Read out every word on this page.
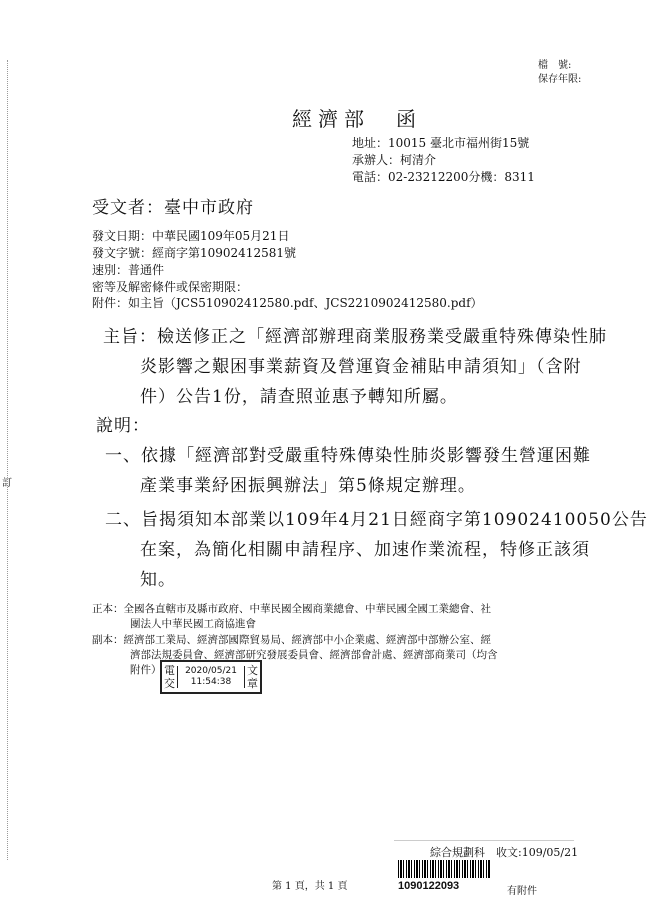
訂
檔　號:
保存年限:
經濟部　函
地址：10015 臺北市福州街15號
承辦人：柯清介
電話：02-23212200分機：8311
受文者：臺中市政府
發文日期：中華民國109年05月21日
發文字號：經商字第10902412581號
速別：普通件
密等及解密條件或保密期限：
附件：如主旨（JCS510902412580.pdf、JCS2210902412580.pdf）
主旨：檢送修正之「經濟部辦理商業服務業受嚴重特殊傳染性肺
炎影響之艱困事業薪資及營運資金補貼申請須知」（含附
件）公告1份，請查照並惠予轉知所屬。
說明：
一、依據「經濟部對受嚴重特殊傳染性肺炎影響發生營運困難
產業事業紓困振興辦法」第5條規定辦理。
二、旨揭須知本部業以109年4月21日經商字第10902410050公告
在案，為簡化相關申請程序、加速作業流程，特修正該須
知。
正本：全國各直轄市及縣市政府、中華民國全國商業總會、中華民國全國工業總會、社
團法人中華民國工商協進會
副本：經濟部工業局、經濟部國際貿易局、經濟部中小企業處、經濟部中部辦公室、經
濟部法規委員會、經濟部研究發展委員會、經濟部會計處、經濟部商業司（均含
附件） 電
交
2020/05/21
11:54:38
文
章
綜合規劃科　收文:109/05/21
1090122093	有附件
第 1 頁，共 1 頁
